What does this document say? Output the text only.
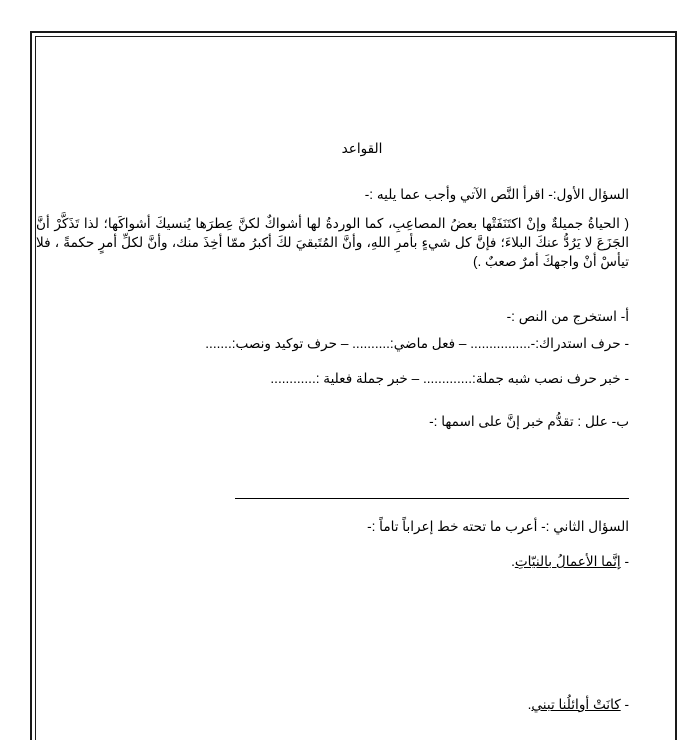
القواعد
السؤال الأول:- اقرأ النَّص الآتي وأجب عما يليه :-
( الحياةُ جميلةٌ وإنْ اكتَنَفَتْها بعضُ المصاعِبِ، كما الوردةُ لها أشواكٌ لكنَّ عِطرَها يُنسيكَ أشواكَها؛ لذا تَذَكَّرْ أنَّ الجَزَعَ لا يَرُدُّ عنكَ البلاءَ؛ فإنَّ كل شيءٍ بأمرِ اللهِ، وأنَّ المُتَبقيَ لكَ أكبرُ ممّا أخِذَ منك، وأنَّ لكلِّ أمرٍ حكمةً ، فلا تيأسْ أنْ واجهكَ أمرٌ صعبٌ .)
أ- استخرج من النص :-
- حرف استدراك:-................ – فعل ماضي:.......... – حرف توكيد ونصب:.......
- خبر حرف نصب شبه جملة:............. – خبر جملة فعلية :............
ب- علل : تقدُّم خبر إنَّ على اسمها :-
السؤال الثاني :- أعرب ما تحته خط إعراباً تاماً :-
- إنَّما الأعمالُ بالنيّاتِ.
- كانَتْ أوائلُنا تبني.
